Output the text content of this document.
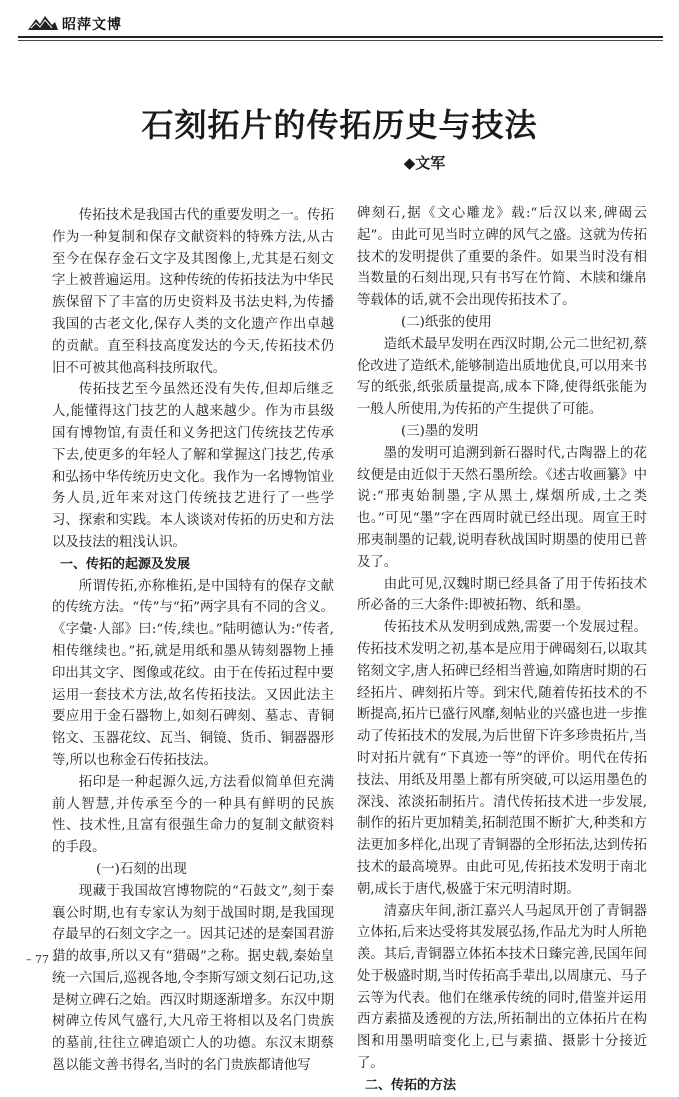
昭萍文博
石刻拓片的传拓历史与技法
◆文军

传拓技术是我国古代的重要发明之一。传拓作为一种复制和保存文献资料的特殊方法,从古至今在保存金石文字及其图像上,尤其是石刻文字上被普遍运用。这种传统的传拓技法为中华民族保留下了丰富的历史资料及书法史料,为传播我国的古老文化,保存人类的文化遗产作出卓越的贡献。直至科技高度发达的今天,传拓技术仍旧不可被其他高科技所取代。

传拓技艺至今虽然还没有失传,但却后继乏人,能懂得这门技艺的人越来越少。作为市县级国有博物馆,有责任和义务把这门传统技艺传承下去,使更多的年轻人了解和掌握这门技艺,传承和弘扬中华传统历史文化。我作为一名博物馆业务人员,近年来对这门传统技艺进行了一些学习、探索和实践。本人谈谈对传拓的历史和方法以及技法的粗浅认识。

一、传拓的起源及发展

所谓传拓,亦称椎拓,是中国特有的保存文献的传统方法。“传”与“拓”两字具有不同的含义。《字彙·人部》曰:“传,续也。”陆明德认为:“传者,相传继续也。”拓,就是用纸和墨从铸刻器物上捶印出其文字、图像或花纹。由于在传拓过程中要运用一套技术方法,故名传拓技法。又因此法主要应用于金石器物上,如刻石碑刻、墓志、青铜铭文、玉器花纹、瓦当、铜镜、货币、铜器器形等,所以也称金石传拓技法。

拓印是一种起源久远,方法看似简单但充满前人智慧,并传承至今的一种具有鲜明的民族性、技术性,且富有很强生命力的复制文献资料的手段。

(一)石刻的出现

现藏于我国故宫博物院的“石鼓文”,刻于秦襄公时期,也有专家认为刻于战国时期,是我国现存最早的石刻文字之一。因其记述的是秦国君游猎的故事,所以又有“猎碣”之称。据史载,秦始皇统一六国后,巡视各地,令李斯写颂文刻石记功,这是树立碑石之始。西汉时期逐渐增多。东汉中期树碑立传风气盛行,大凡帝王将相以及名门贵族的墓前,往往立碑追颂亡人的功德。东汉末期蔡邕以能文善书得名,当时的名门贵族都请他写

碑刻石,据《文心雕龙》载:“后汉以来,碑碣云起”。由此可见当时立碑的风气之盛。这就为传拓技术的发明提供了重要的条件。如果当时没有相当数量的石刻出现,只有书写在竹简、木牍和缣帛等载体的话,就不会出现传拓技术了。

(二)纸张的使用

造纸术最早发明在西汉时期,公元二世纪初,蔡伦改进了造纸术,能够制造出质地优良,可以用来书写的纸张,纸张质量提高,成本下降,使得纸张能为一般人所使用,为传拓的产生提供了可能。

(三)墨的发明

墨的发明可追溯到新石器时代,古陶器上的花纹便是由近似于天然石墨所绘。《述古收画纂》中说:“邢夷始制墨,字从黑土,煤烟所成,土之类也。”可见“墨”字在西周时就已经出现。周宣王时邢夷制墨的记载,说明春秋战国时期墨的使用已普及了。

由此可见,汉魏时期已经具备了用于传拓技术所必备的三大条件:即被拓物、纸和墨。

传拓技术从发明到成熟,需要一个发展过程。传拓技术发明之初,基本是应用于碑碣刻石,以取其铭刻文字,唐人拓碑已经相当普遍,如隋唐时期的石经拓片、碑刻拓片等。到宋代,随着传拓技术的不断提高,拓片已盛行风靡,刻帖业的兴盛也进一步推动了传拓技术的发展,为后世留下许多珍贵拓片,当时对拓片就有“下真迹一等”的评价。明代在传拓技法、用纸及用墨上都有所突破,可以运用墨色的深浅、浓淡拓制拓片。清代传拓技术进一步发展,制作的拓片更加精美,拓制范围不断扩大,种类和方法更加多样化,出现了青铜器的全形拓法,达到传拓技术的最高境界。由此可见,传拓技术发明于南北朝,成长于唐代,极盛于宋元明清时期。

清嘉庆年间,浙江嘉兴人马起凤开创了青铜器立体拓,后来达受将其发展弘扬,作品尤为时人所艳羡。其后,青铜器立体拓本技术日臻完善,民国年间处于极盛时期,当时传拓高手辈出,以周康元、马子云等为代表。他们在继承传统的同时,借鉴并运用西方素描及透视的方法,所拓制出的立体拓片在构图和用墨明暗变化上,已与素描、摄影十分接近了。

二、传拓的方法

– 77 –
